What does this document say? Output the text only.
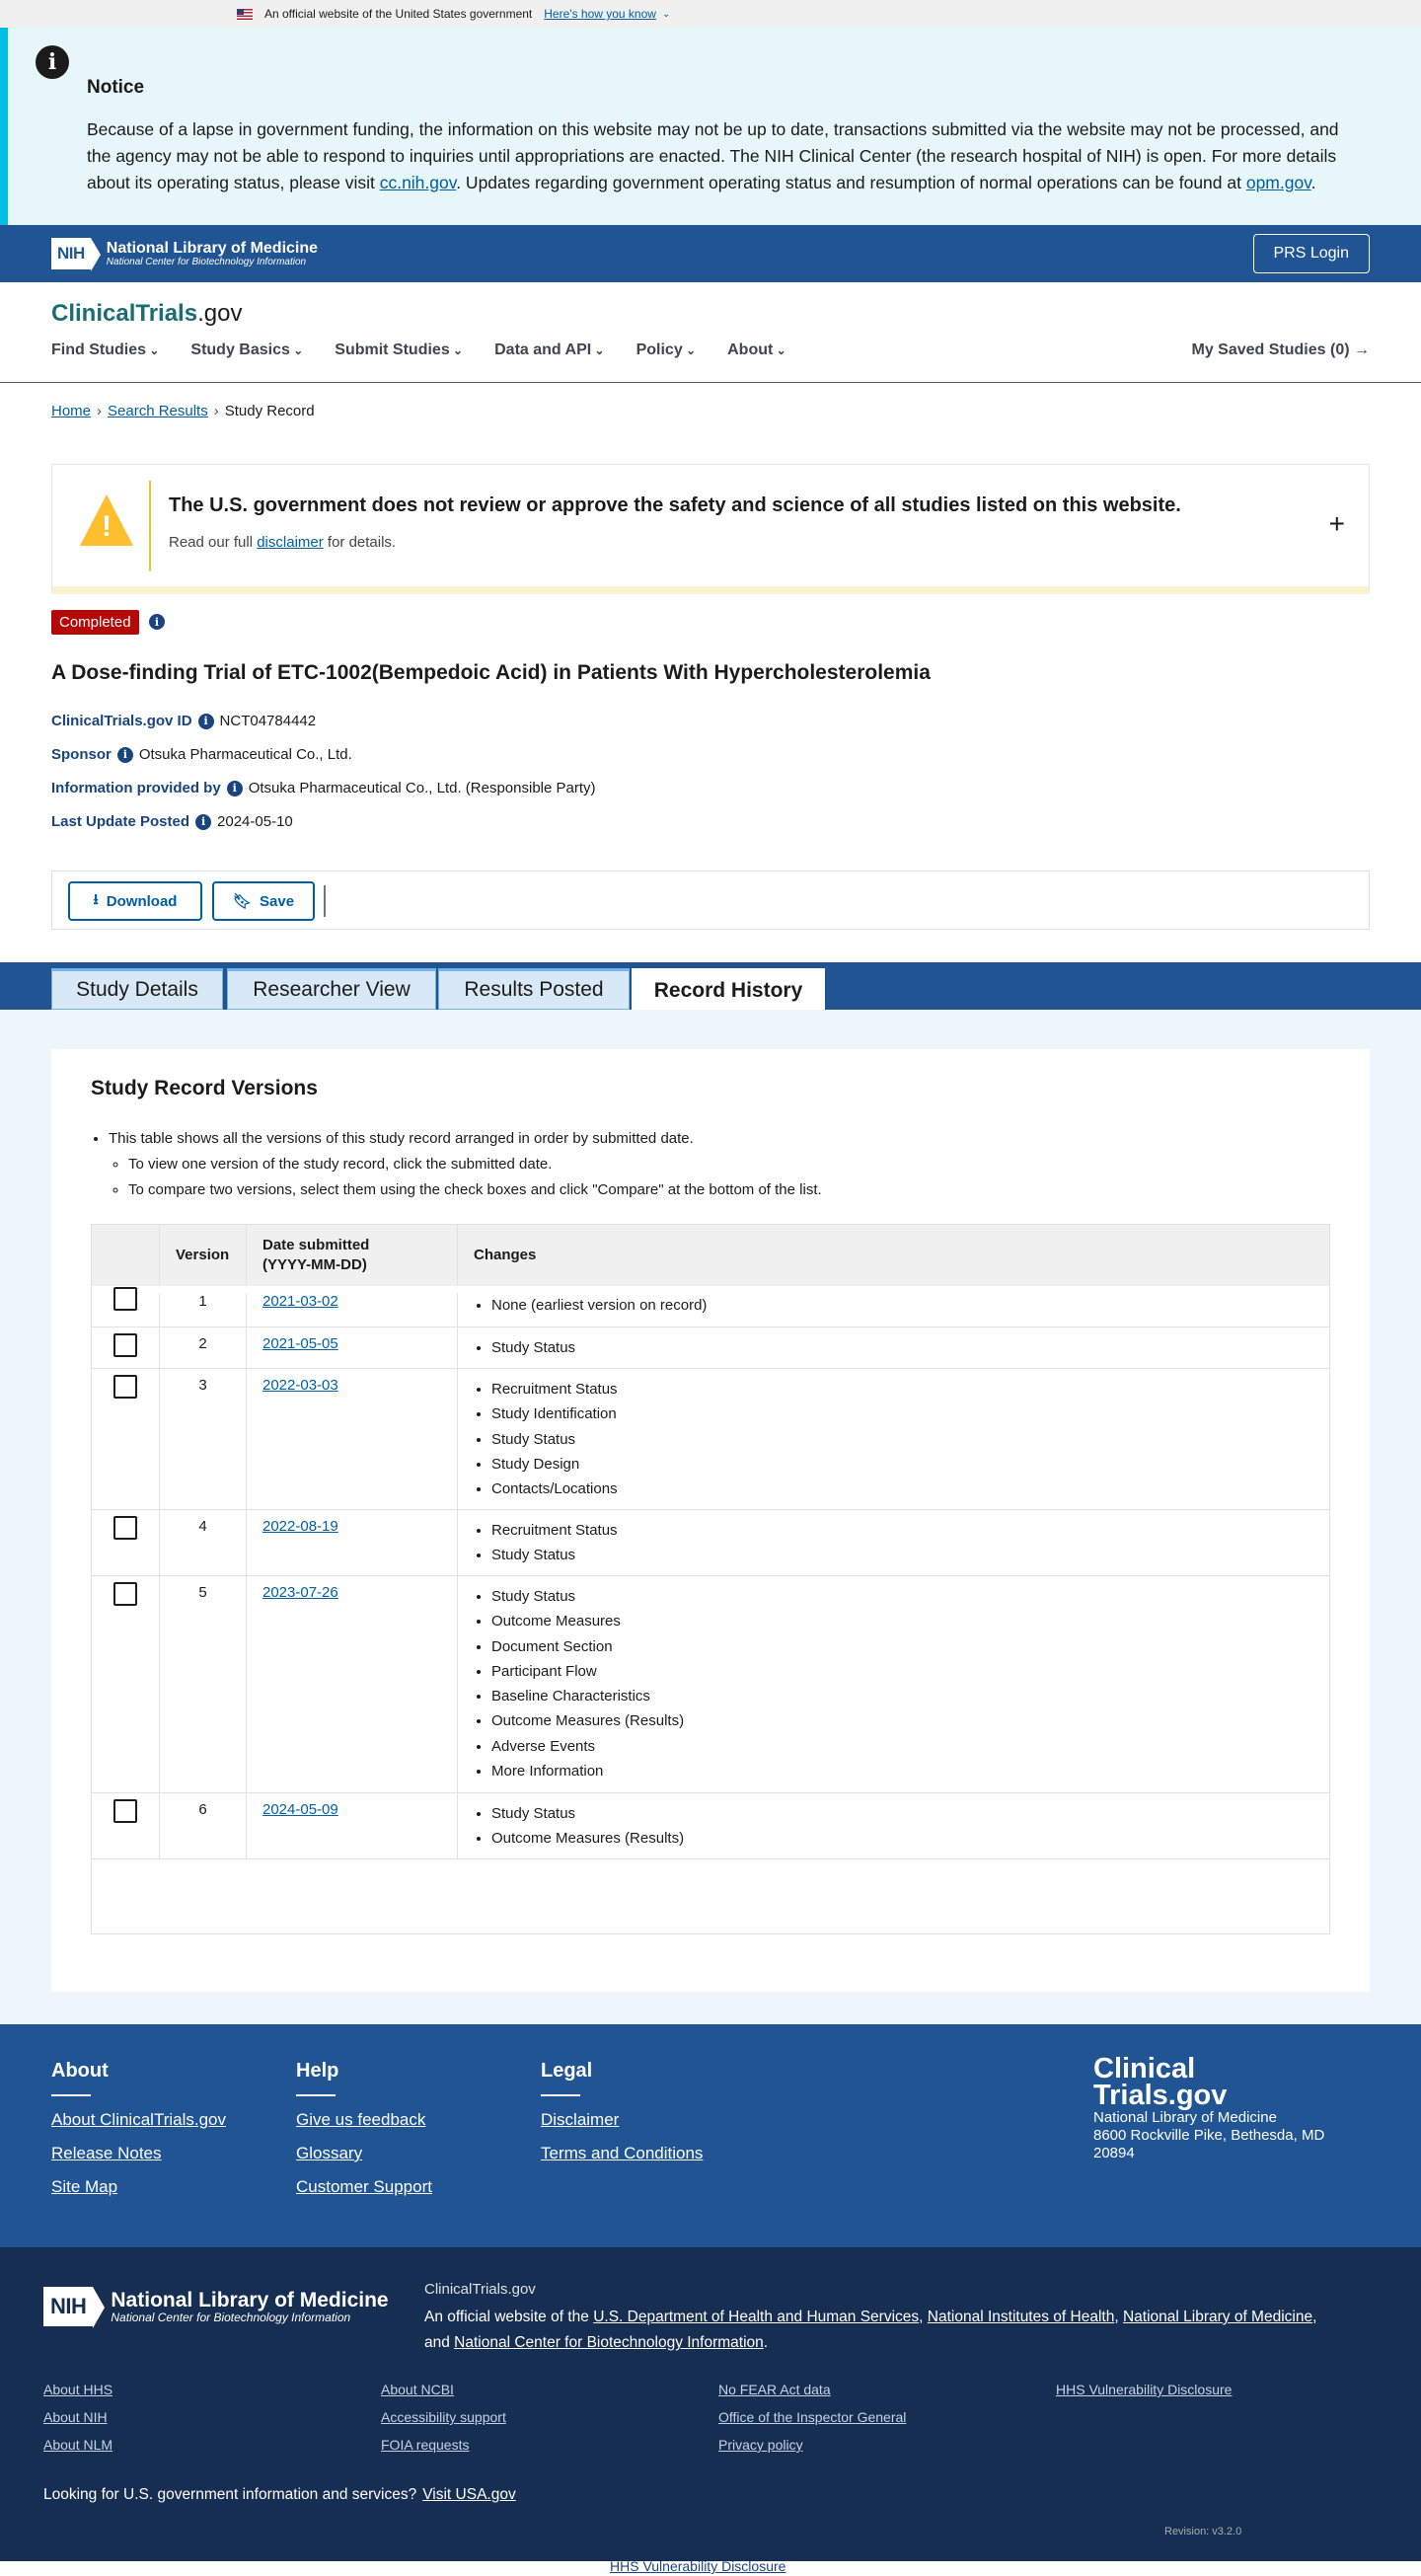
An official website of the United States government Here's how you know ⌄
i
Notice
Because of a lapse in government funding, the information on this website may not be up to date, transactions submitted via the website may not be processed, and the agency may not be able to respond to inquiries until appropriations are enacted. The NIH Clinical Center (the research hospital of NIH) is open. For more details about its operating status, please visit cc.nih.gov. Updates regarding government operating status and resumption of normal operations can be found at opm.gov.
NIH	National Library of Medicine
National Center for Biotechnology Information
PRS Login
ClinicalTrials.gov
Find Studies ⌄	Study Basics ⌄	Submit Studies ⌄	Data and API ⌄	Policy ⌄	About ⌄	My Saved Studies (0) →
Home › Search Results › Study Record
!
The U.S. government does not review or approve the safety and science of all studies listed on this website.
Read our full disclaimer for details.
+
Completed	i
A Dose-finding Trial of ETC-1002(Bempedoic Acid) in Patients With Hypercholesterolemia
ClinicalTrials.gov ID	i NCT04784442
Sponsor	i Otsuka Pharmaceutical Co., Ltd.
Information provided by	i Otsuka Pharmaceutical Co., Ltd. (Responsible Party)
Last Update Posted	i 2024-05-10
⭳ Download	🔖︎ Save
Study Details	Researcher View	Results Posted	Record History
Study Record Versions
• This table shows all the versions of this study record arranged in order by submitted date.
◦ To view one version of the study record, click the submitted date.
◦ To compare two versions, select them using the check boxes and click "Compare" at the bottom of the list.
Version
Date submitted
(YYYY-MM-DD)
Changes
1	2021-03-02	• None (earliest version on record)
2	2021-05-05	• Study Status
3	2022-03-03	• Recruitment Status
• Study Identification
• Study Status
• Study Design
• Contacts/Locations
4	2022-08-19	• Recruitment Status
• Study Status
5	2023-07-26	• Study Status
• Outcome Measures
• Document Section
• Participant Flow
• Baseline Characteristics
• Outcome Measures (Results)
• Adverse Events
• More Information
6	2024-05-09	• Study Status
• Outcome Measures (Results)
About
About ClinicalTrials.gov
Release Notes
Site Map
Help
Give us feedback
Glossary
Customer Support
Legal
Disclaimer
Terms and Conditions
Clinical
Trials.gov
National Library of Medicine
8600 Rockville Pike, Bethesda, MD 20894
NIH	National Library of Medicine
National Center for Biotechnology Information
ClinicalTrials.gov
An official website of the U.S. Department of Health and Human Services, National Institutes of Health, National Library of Medicine, and National Center for Biotechnology Information.
About HHS
About NIH
About NLM
About NCBI
Accessibility support
FOIA requests
No FEAR Act data
Office of the Inspector General
Privacy policy
HHS Vulnerability Disclosure
Looking for U.S. government information and services? Visit USA.gov
Revision: v3.2.0
HHS Vulnerability Disclosure
